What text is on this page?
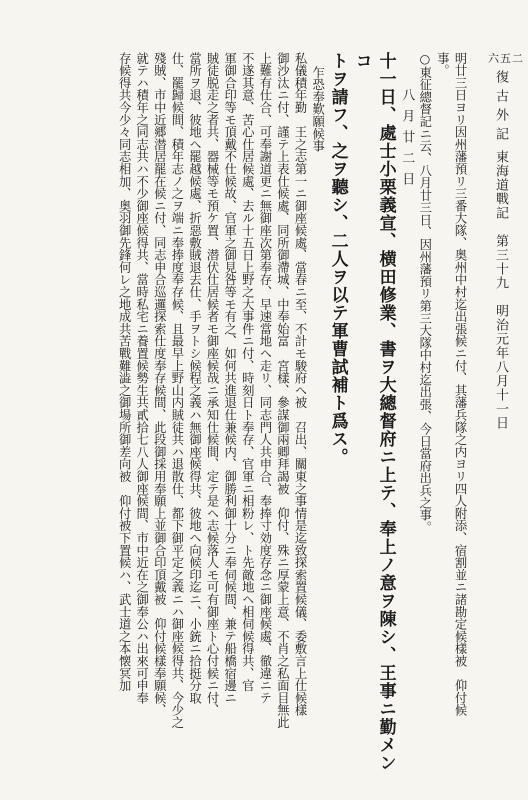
六五二
復古外記
東海道戰記　第三十九　明治元年八月十一日
明廿三日ヨリ因州藩預リ三番大隊、奥州中村迄出張候ニ付、其藩兵隊之内ヨリ四人附添、宿割並ニ諸勘定候樣被　仰付候
事。
○東征總督記ニ云、八月廿三日、因州藩預リ第三大隊中村迄出張、今日當府出兵之事。
八月廿二日
十一日、處士小栗義宣、横田修業、書ヲ大總督府ニ上テ、奉上ノ意ヲ陳シ、王事ニ勤メンコ
トヲ請フ、之ヲ聽シ、二人ヲ以テ軍曹試補ト爲ス。
乍恐奉歎願候事
私儀積年勤　王之志第一ニ御座候處、當春ニ至、不計モ駿府ヘ被　召出、關東之事情是迄致探索置候儀、委敷言上仕候樣
御沙汰ニ付、謹テ上表仕候處、同所御滯城、中奉始富　宮樣、參謀御兩卿拜謁被　仰付、殊ニ厚蒙上意、不肖之私面目無此
上難有仕合、可奉謝道更ニ無御座次第奉存、早速當地ヘ走リ、同志門人共申合、奉捧寸効度存念ニ御座候處、徹違ニテ
不遂其意、苦心仕居候處、去ル十五日上野之大事件ニ付、時刻日ト奉存、官軍ニ相粉レ、ト先敵地ヘ相伺候得共、官
軍御合印等モ頂戴不仕候故、官軍之御見咎等モ有之、如何共進退仕兼候内、御勝利御十分ニ奉伺候間、兼テ船橋宿邊ニ
賊徒脱走之者共、器械等モ預ケ置、潜伏仕居候者モ御座候哉ニ承知仕候間、定テ是ヘ志候落人モ可有御座ト心付候ニ付、
當所ヲ退、彼地ヘ罷越候處、折惡敷賊退去仕、手ヲトシ候程之義ハ無御座候得共、彼地ヘ向候印迄ニ、小銃ニ拾挺分取
仕、罷歸候間、積年志ノ之ヲ端ニ奉捧度奉存候、且最早上野山内賊徒共ハ退散仕、都下御平定之義ニハ御座候得共、今少之
殘賊、市中近郷潜居罷在候ニ付、同志申合巡邏探索仕度奉存候間、此段御採用奉願上並御合印頂戴被　仰付候樣奉願候、
就テハ積年之同志共ハ不少御座候得共、當時私宅ニ養置候勢生共貳拾七八人御座候間、市中近在之御奉公ハ出來可申奉
存候得共今少々同志相加、奥羽御先鋒何レ之地成共苦戰難澁之御場所御差向被　仰付被下置候ハ、武士道之本懐冥加
